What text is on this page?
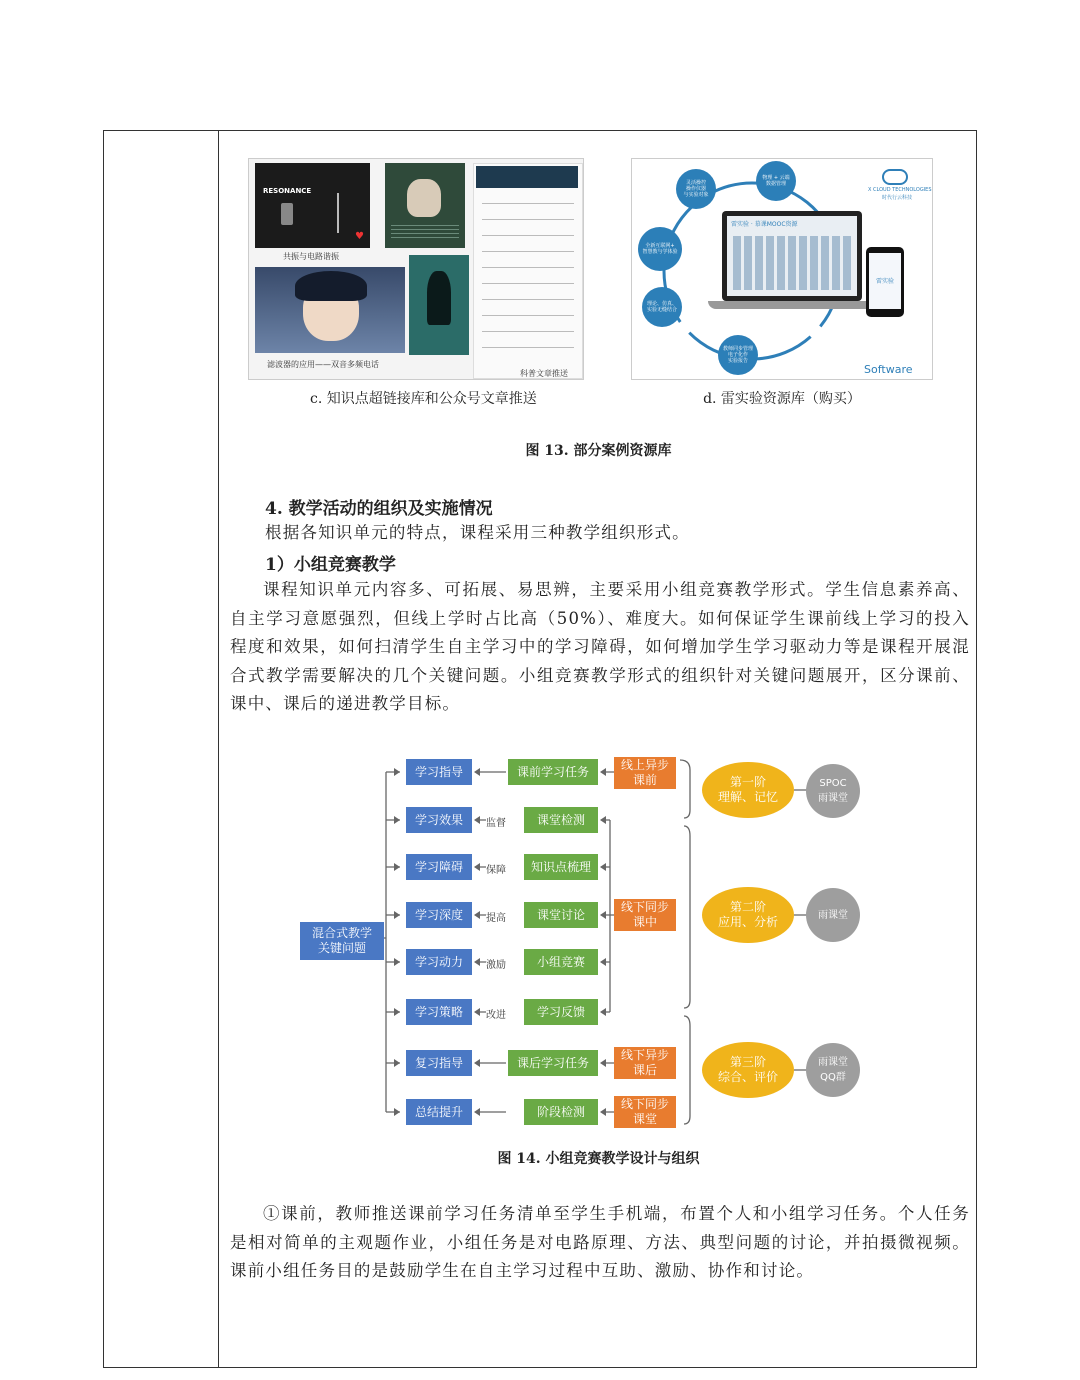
RESONANCE
♥
共振与电路谐振
科普文章推送
滤波器的应用——双音多频电话
c. 知识点超链接库和公众号文章推送
X CLOUD TECHNOLOGIES
时代行云科技
灵活操控
操作仪器
与实验对象
物理 + 云端
数据管理
全新互联网+
智慧教与学体验
理论、仿真、
实验无缝结合
教师同步管理
电子化作
实验报告
雷实验 · 慕课MOOC资源
雷实验
Software
d. 雷实验资源库（购买）
图 13. 部分案例资源库
4. 教学活动的组织及实施情况
根据各知识单元的特点，课程采用三种教学组织形式。
1）小组竞赛教学
课程知识单元内容多、可拓展、易思辨，主要采用小组竞赛教学形式。学生信息素养高、自主学习意愿强烈，但线上学时占比高（50%）、难度大。如何保证学生课前线上学习的投入程度和效果，如何扫清学生自主学习中的学习障碍，如何增加学生学习驱动力等是课程开展混合式教学需要解决的几个关键问题。小组竞赛教学形式的组织针对关键问题展开，区分课前、课中、课后的递进教学目标。
混合式教学
关键问题
学习指导
学习效果
学习障碍
学习深度
学习动力
学习策略
复习指导
总结提升
监督
保障
提高
激励
改进
课前学习任务
课堂检测
知识点梳理
课堂讨论
小组竞赛
学习反馈
课后学习任务
阶段检测
线上异步
课前
线下同步
课中
线下异步
课后
线下同步
课堂
第一阶
理解、记忆
第二阶
应用、分析
第三阶
综合、评价
SPOC
雨课堂
雨课堂
雨课堂
QQ群
图 14. 小组竞赛教学设计与组织
①课前，教师推送课前学习任务清单至学生手机端，布置个人和小组学习任务。个人任务是相对简单的主观题作业，小组任务是对电路原理、方法、典型问题的讨论，并拍摄微视频。课前小组任务目的是鼓励学生在自主学习过程中互助、激励、协作和讨论。
